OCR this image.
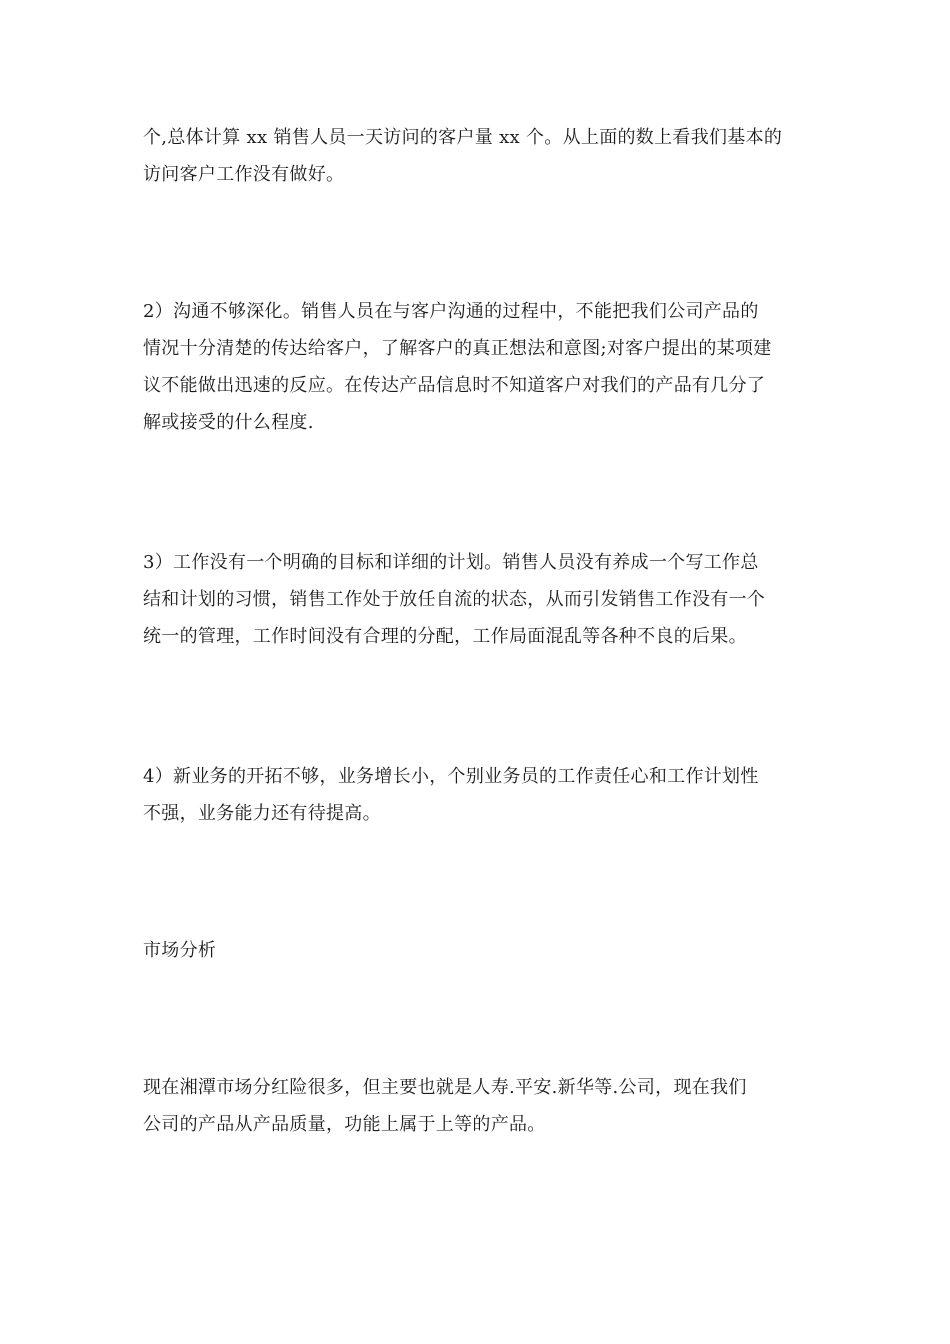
个,总体计算 xx 销售人员一天访问的客户量 xx 个。从上面的数上看我们基本的
访问客户工作没有做好。

2）沟通不够深化。销售人员在与客户沟通的过程中，不能把我们公司产品的
情况十分清楚的传达给客户，了解客户的真正想法和意图;对客户提出的某项建
议不能做出迅速的反应。在传达产品信息时不知道客户对我们的产品有几分了
解或接受的什么程度.

3）工作没有一个明确的目标和详细的计划。销售人员没有养成一个写工作总
结和计划的习惯，销售工作处于放任自流的状态，从而引发销售工作没有一个
统一的管理，工作时间没有合理的分配，工作局面混乱等各种不良的后果。

4）新业务的开拓不够，业务增长小，个别业务员的工作责任心和工作计划性
不强，业务能力还有待提高。

市场分析

现在湘潭市场分红险很多，但主要也就是人寿.平安.新华等.公司，现在我们
公司的产品从产品质量，功能上属于上等的产品。
